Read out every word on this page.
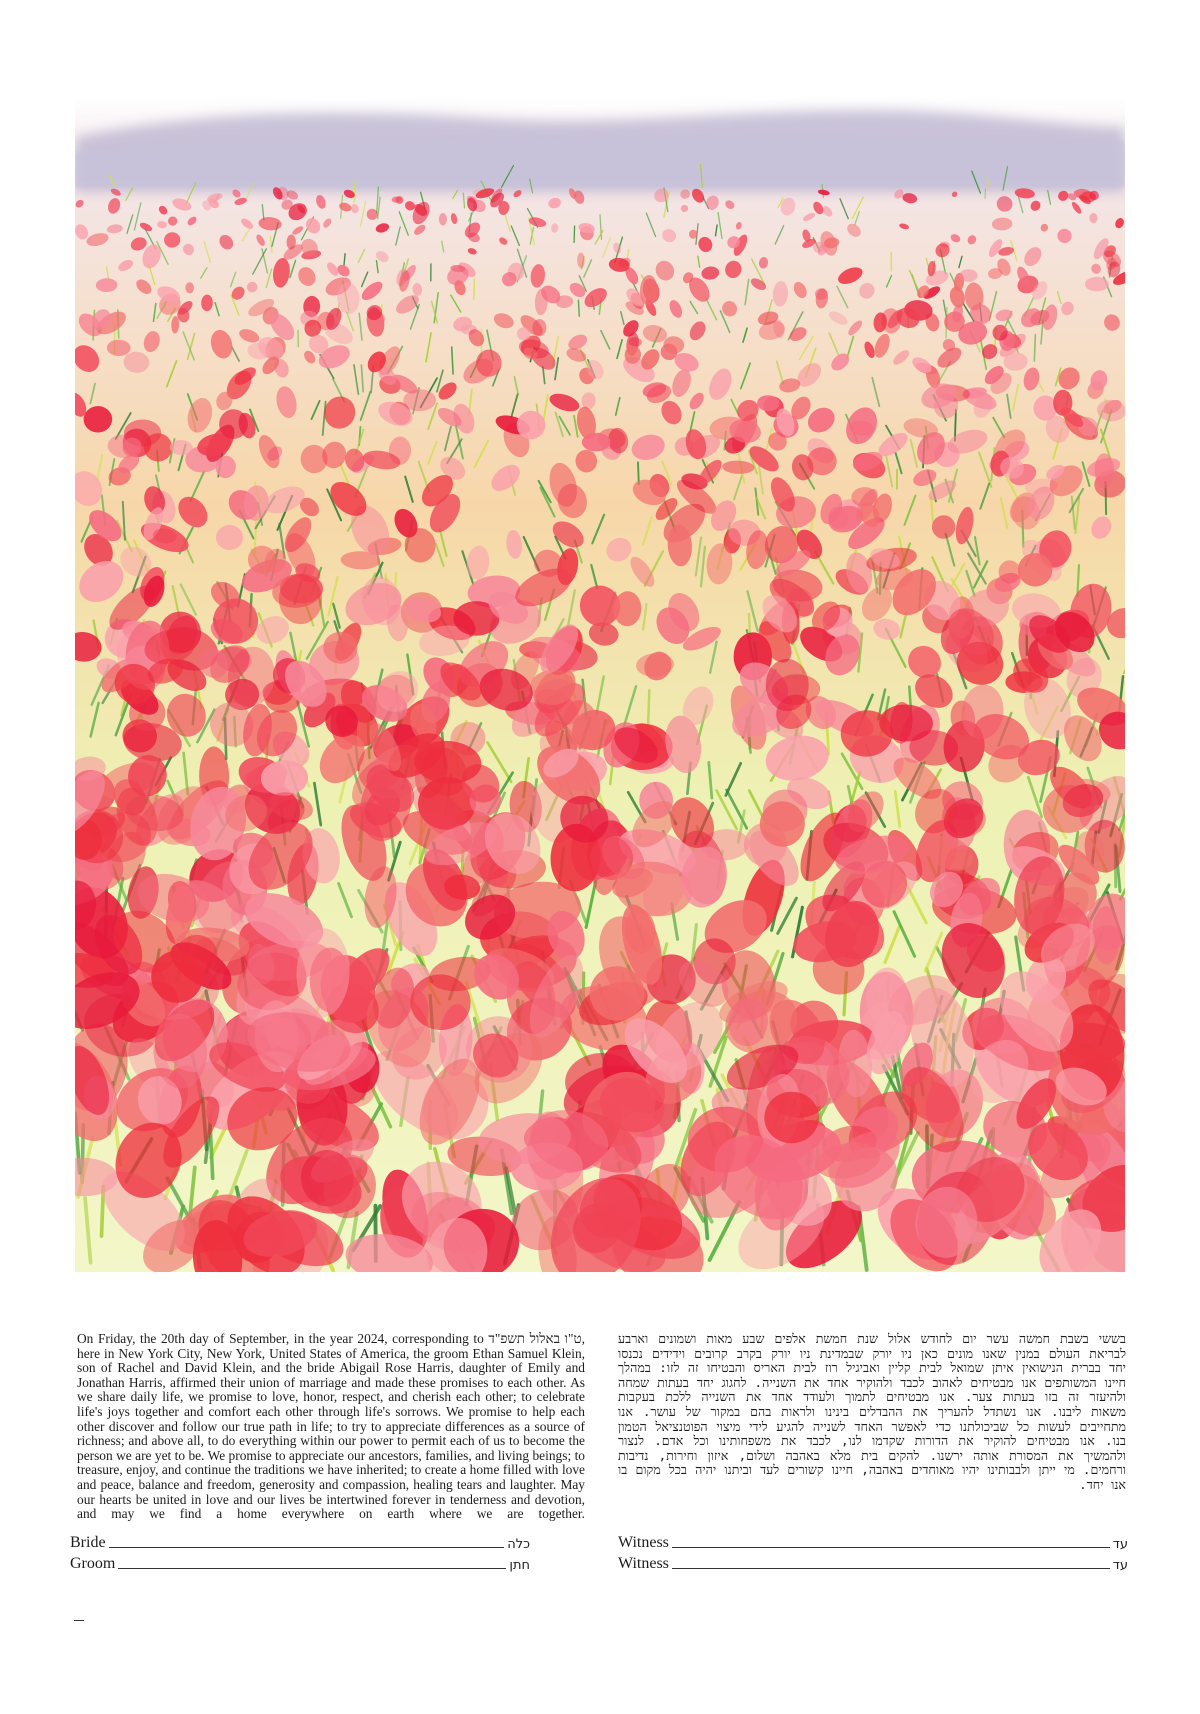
On Friday, the 20th day of September, in the year 2024, corresponding to ט"ו באלול תשפ"ד, here in New York City, New York, United States of America, the groom Ethan Samuel Klein, son of Rachel and David Klein, and the bride Abigail Rose Harris, daughter of Emily and Jonathan Harris, affirmed their union of marriage and made these promises to each other. As we share daily life, we promise to love, honor, respect, and cherish each other; to celebrate life's joys together and comfort each other through life's sorrows. We promise to help each other discover and follow our true path in life; to try to appreciate differences as a source of richness; and above all, to do everything within our power to permit each of us to become the person we are yet to be. We promise to appreciate our ancestors, families, and living beings; to treasure, enjoy, and continue the traditions we have inherited; to create a home filled with love and peace, balance and freedom, generosity and compassion, healing tears and laughter. May our hearts be united in love and our lives be intertwined forever in tenderness and devotion, and may we find a home everywhere on earth where we are together.
בששי בשבת חמשה עשר יום לחודש אלול שנת חמשת אלפים שבע מאות ושמונים וארבע לבריאת העולם במנין שאנו מונים כאן ניו יורק שבמדינת ניו יורק בקרב קרובים וידידים נכנסו יחד בברית הנישואין איתן שמואל לבית קליין ואביגיל רוז לבית האריס והבטיחו זה לזו: במהלך חיינו המשותפים אנו מבטיחים לאהוב לכבד ולהוקיר אחד את השנייה. לחגוג יחד בעתות שמחה ולהיעזר זה בזו בעתות צער. אנו מבטיחים לתמוך ולעודד אחד את השנייה ללכת בעקבות משאות ליבנו. אנו נשתדל להעריך את ההבדלים בינינו ולראות בהם במקור של עושר. אנו מתחייבים לעשות כל שביכולתנו כדי לאפשר האחד לשנייה להגיע לידי מיצוי הפוטנציאל הטמון בנו. אנו מבטיחים להוקיר את הדורות שקדמו לנו, לכבד את משפחותינו וכל אדם. לנצור ולהמשיך את המסורת אותה ירשנו. להקים בית מלא באהבה ושלום, איזון וחירות, נדיבות ורחמים. מי ייתן ולבבותינו יהיו מאוחדים באהבה, חיינו קשורים לעד וביתנו יהיה בכל מקום בו אנו יחד.
Bride	כלה
Groom	חתן
Witness	עד
Witness	עד
